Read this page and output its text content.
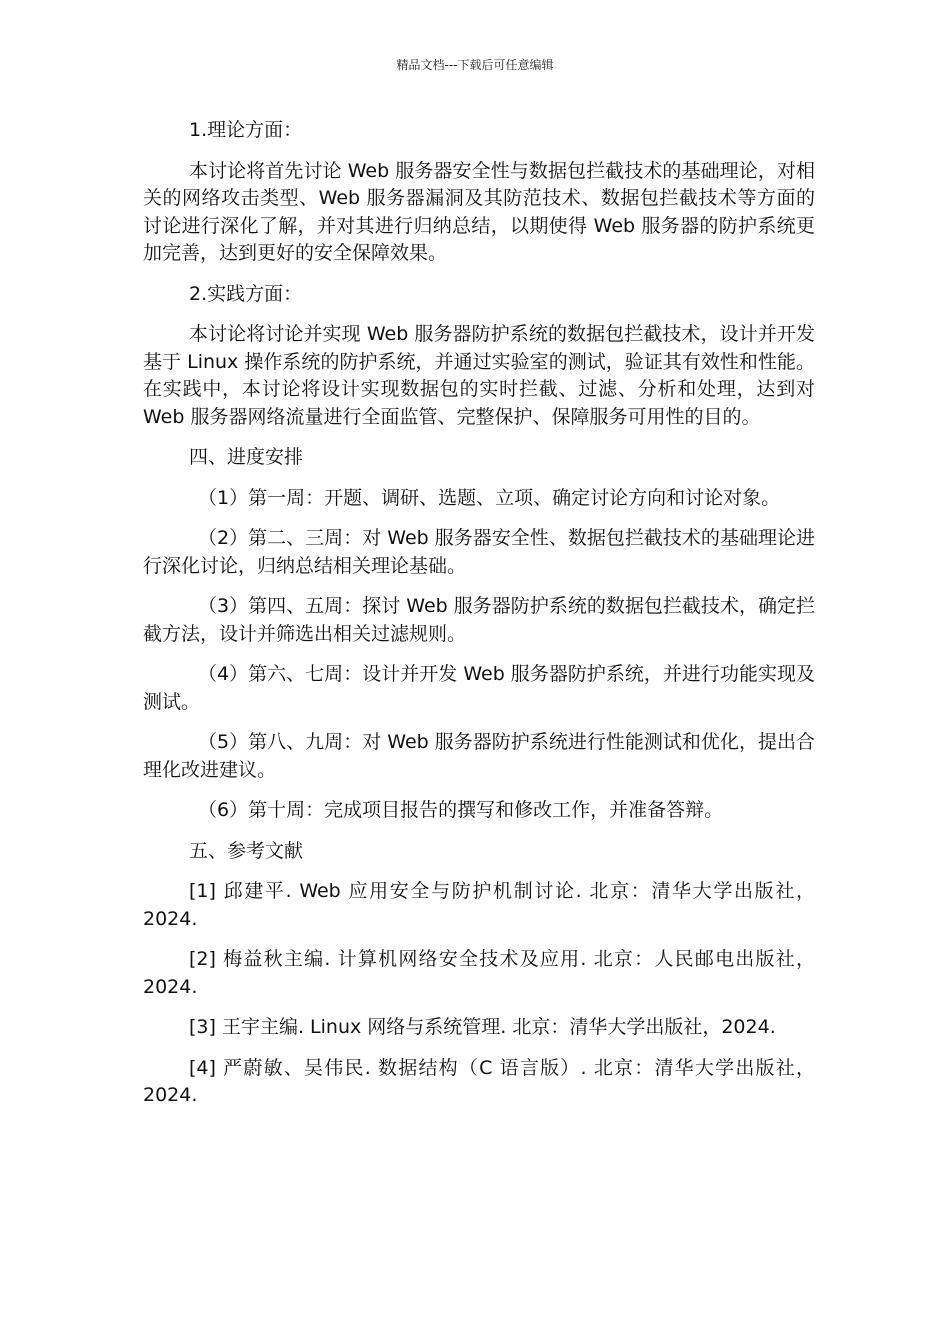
精品文档---下载后可任意编辑

1.理论方面：

本讨论将首先讨论 Web 服务器安全性与数据包拦截技术的基础理论，对相关的网络攻击类型、Web 服务器漏洞及其防范技术、数据包拦截技术等方面的讨论进行深化了解，并对其进行归纳总结，以期使得 Web 服务器的防护系统更加完善，达到更好的安全保障效果。

2.实践方面：

本讨论将讨论并实现 Web 服务器防护系统的数据包拦截技术，设计并开发基于 Linux 操作系统的防护系统，并通过实验室的测试，验证其有效性和性能。在实践中，本讨论将设计实现数据包的实时拦截、过滤、分析和处理，达到对 Web 服务器网络流量进行全面监管、完整保护、保障服务可用性的目的。

四、进度安排

（1）第一周：开题、调研、选题、立项、确定讨论方向和讨论对象。

（2）第二、三周：对 Web 服务器安全性、数据包拦截技术的基础理论进行深化讨论，归纳总结相关理论基础。

（3）第四、五周：探讨 Web 服务器防护系统的数据包拦截技术，确定拦截方法，设计并筛选出相关过滤规则。

（4）第六、七周：设计并开发 Web 服务器防护系统，并进行功能实现及测试。

（5）第八、九周：对 Web 服务器防护系统进行性能测试和优化，提出合理化改进建议。

（6）第十周：完成项目报告的撰写和修改工作，并准备答辩。

五、参考文献

[1] 邱建平. Web 应用安全与防护机制讨论. 北京：清华大学出版社，2024.

[2] 梅益秋主编. 计算机网络安全技术及应用. 北京：人民邮电出版社，2024.

[3] 王宇主编. Linux 网络与系统管理. 北京：清华大学出版社，2024.

[4] 严蔚敏、吴伟民. 数据结构（C 语言版）. 北京：清华大学出版社，2024.
